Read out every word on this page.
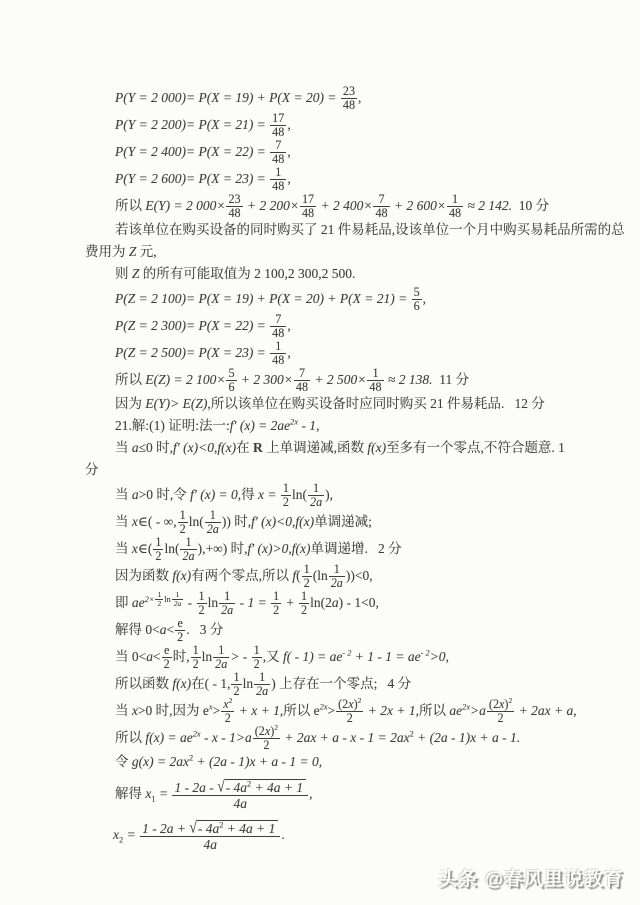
P(Y = 2 $000)= P(X = 19) + P(X = 20) = \frac{23}{48}$ ,
P(Y = 2 $200)= P(X = 21) = \frac{17}{48}$ ,
P(Y = 2 $400)= P(X = 22) = \frac{7}{48}$ ,
P(Y = 2 $600)= P(X = 23) = \frac{1}{48}$ ,
所以 E(Y) = 2 $000\times \frac{23}{48} + 2$ $200\times \frac{17}{48} + 2$ $400\times \frac{7}{48} + 2$ $600\times \frac{1}{48} \approx 2$ 142.  10 分
若该单位在购买设备的同时购买了 21 件易耗品,设该单位一个月中购买易耗品所需的总
费用为 Z 元,
则 Z 的所有可能取值为 2 100,2 300,2 500.
P(Z = 2 $100)= P(X = 19) + P(X = 20) + P(X = 21) = \frac{5}{6}$ ,
P(Z = 2 $300)= P(X = 22) = \frac{7}{48}$ ,
P(Z = 2 $500)= P(X = 23) = \frac{1}{48}$ ,
所以 E(Z) = 2 $100\times \frac{5}{6} + 2$ $300\times \frac{7}{48} + 2$ $500\times \frac{1}{48} \approx 2$ 138.  11 分
因为 E(Y)> E(Z),所以该单位在购买设备时应同时购买 21 件易耗品.   12 分
21.解:(1) 证明:法一:f′ $(x) = 2ae^{2x} - 1$,
当 a≤0 时,f′ (x)<0,f(x)在 R 上单调递减,函数 f(x)至多有一个零点,不符合题意. 1
分
当 a>0 时,令 f′ (x) = 0,得 $x = \frac{1}{2} \ln( \frac{1}{2a}$ ),
当 x∈( - ∞, $\frac{1}{2} \ln( \frac{1}{2a}$ )) 时,f′ (x)<0,f(x)单调递减;
当 x∈( $\frac{1}{2} \ln( \frac{1}{2a}$ ),+∞) 时,f′ (x)>0,f(x)单调递增.   2 分
因为函数 f(x)有两个零点,所以 $f( \frac{1}{2} (\ln \frac{1}{2a} ))<0$,
即 $ae^{2\times \frac{1}{2} ln \frac{1}{2a}} - \frac{1}{2}$ $\ln \frac{1}{2a} - 1 = \frac{1}{2} + \frac{1}{2} \ln(2a) - 1<0$,
解得 $0<a< \frac{e}{2}$ .   3 分
当 $0<a< \frac{e}{2}$ 时, $\frac{1}{2}$ $\ln \frac{1}{2a}$ > - $\frac{1}{2}$ ,又 $f( - 1) = ae^{- 2} + 1 - 1 = ae^{- 2}>0$,
所以函数 f(x)在( - 1, $\frac{1}{2}$ $\ln \frac{1}{2a}$ ) 上存在一个零点;   4 分
当 x>0 时,因为 $e^x> \frac{x^2}{2} + x + 1$,所以 $e^{2x}> \frac{(2x)^2}{2} + 2x + 1$,所以 $ae^{2x}>a \frac{(2x)^2}{2} + 2ax + a$,
所以 $f(x) = ae^{2x} - x - 1>a \frac{(2x)^2}{2} + 2ax + a - x - 1 = 2ax^2 + (2a - 1)x + a - 1$.
令 $g(x) = 2ax^2 + (2a - 1)x + a - 1 = 0$,
解得 $x_1 = \frac{1 - 2a - √- 4a^2 + 4a + 1}{4a}$ ,
$x_2 = \frac{1 - 2a + √- 4a^2 + 4a + 1}{4a}$ .
头条 @春风里说教育
